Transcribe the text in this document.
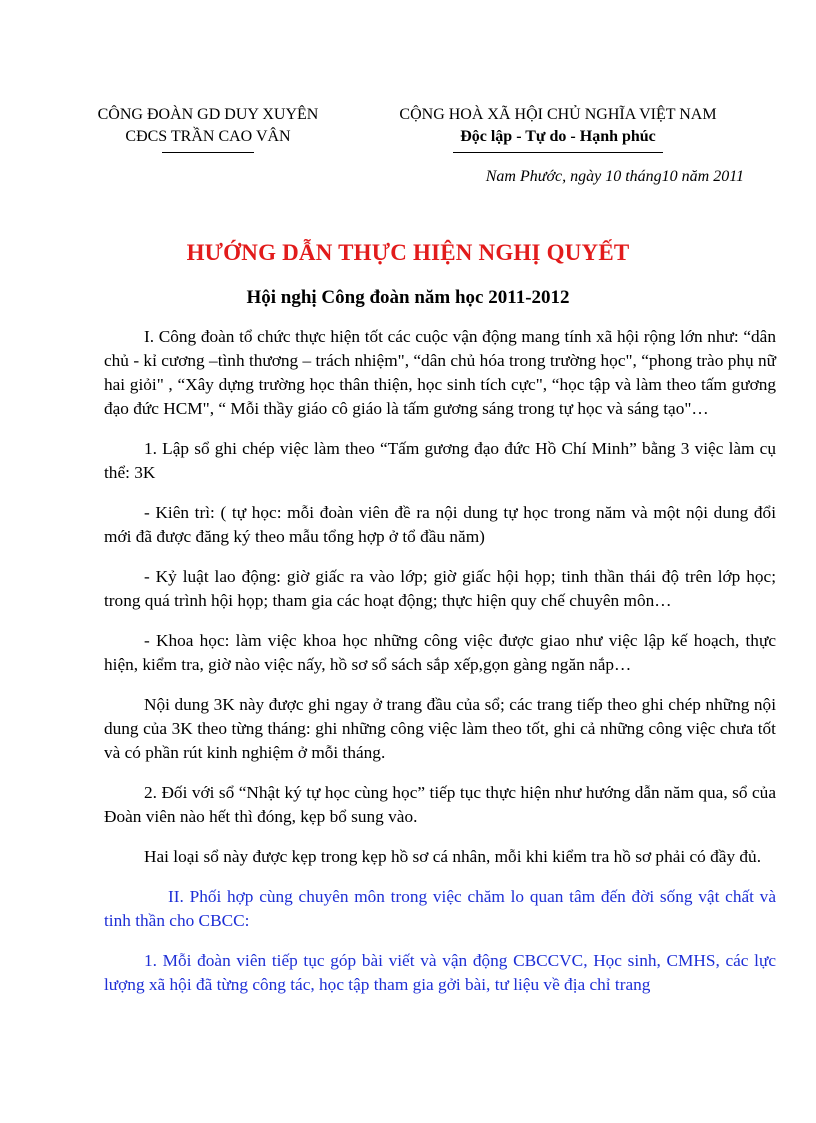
CÔNG ĐOÀN GD DUY XUYÊN
CĐCS TRẦN CAO VÂN
CỘNG HOÀ XÃ HỘI CHỦ NGHĨA VIỆT NAM
Độc lập - Tự do - Hạnh phúc
Nam Phước, ngày 10 tháng10 năm 2011
HƯỚNG DẪN THỰC HIỆN NGHỊ QUYẾT
Hội nghị Công đoàn năm học 2011-2012

I. Công đoàn tổ chức thực hiện tốt các cuộc vận động mang tính xã hội rộng lớn như: “dân chủ - kỉ cương –tình thương – trách nhiệm", “dân chủ hóa trong trường học", “phong trào phụ nữ hai giỏi" , “Xây dựng trường học thân thiện, học sinh tích cực", “học tập và làm theo tấm gương đạo đức HCM", “ Mỗi thầy giáo cô giáo là tấm gương sáng trong tự học và sáng tạo"…

1. Lập sổ ghi chép việc làm theo “Tấm gương đạo đức Hồ Chí Minh” bằng 3 việc làm cụ thể: 3K

- Kiên trì: ( tự học: mỗi đoàn viên đề ra nội dung tự học trong năm và một nội dung đổi mới đã được đăng ký theo mẫu tổng hợp ở tổ đầu năm)

- Kỷ luật lao động: giờ giấc ra vào lớp; giờ giấc hội họp; tinh thần thái độ trên lớp học; trong quá trình hội họp; tham gia các hoạt động; thực hiện quy chế chuyên môn…

- Khoa học: làm việc khoa học những công việc được giao như việc lập kế hoạch, thực hiện, kiểm tra, giờ nào việc nấy, hồ sơ sổ sách sắp xếp,gọn gàng ngăn nắp…

Nội dung 3K này được ghi ngay ở trang đầu của sổ; các trang tiếp theo ghi chép những nội dung của 3K theo từng tháng: ghi những công việc làm theo tốt, ghi cả những công việc chưa tốt và có phần rút kinh nghiệm ở mỗi tháng.

2. Đối với sổ “Nhật ký tự học cùng học” tiếp tục thực hiện như hướng dẫn năm qua, sổ của Đoàn viên nào hết thì đóng, kẹp bổ sung vào.

Hai loại sổ này được kẹp trong kẹp hồ sơ cá nhân, mỗi khi kiểm tra hồ sơ phải có đầy đủ.

II. Phối hợp cùng chuyên môn trong việc chăm lo quan tâm đến đời sống vật chất và tinh thần cho CBCC:

1. Mỗi đoàn viên tiếp tục góp bài viết và vận động CBCCVC, Học sinh, CMHS, các lực lượng xã hội đã từng công tác, học tập tham gia gởi bài, tư liệu về địa chỉ trang
